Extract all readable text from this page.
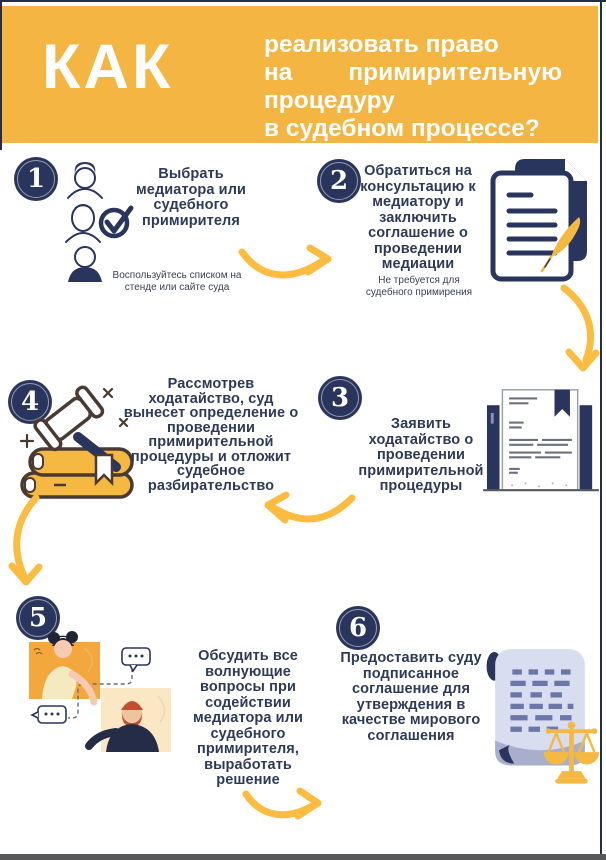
КАК	реализовать право
на примирительную
процедуру
в судебном процессе?
1	Выбрать медиатора или судебного примирителя
Воспользуйтесь списком на стенде или сайте суда
2	Обратиться на консультацию к медиатору и заключить соглашение о проведении медиации
Не требуется для судебного примирения
3
Заявить ходатайство о проведении примирительной процедуры
4
Рассмотрев ходатайство, суд вынесет определение о проведении примирительной процедуры и отложит судебное разбирательство
5
Обсудить все волнующие вопросы при содействии медиатора или судебного примирителя, выработать решение
6
Предоставить суду подписанное соглашение для утверждения в качестве мирового соглашения
